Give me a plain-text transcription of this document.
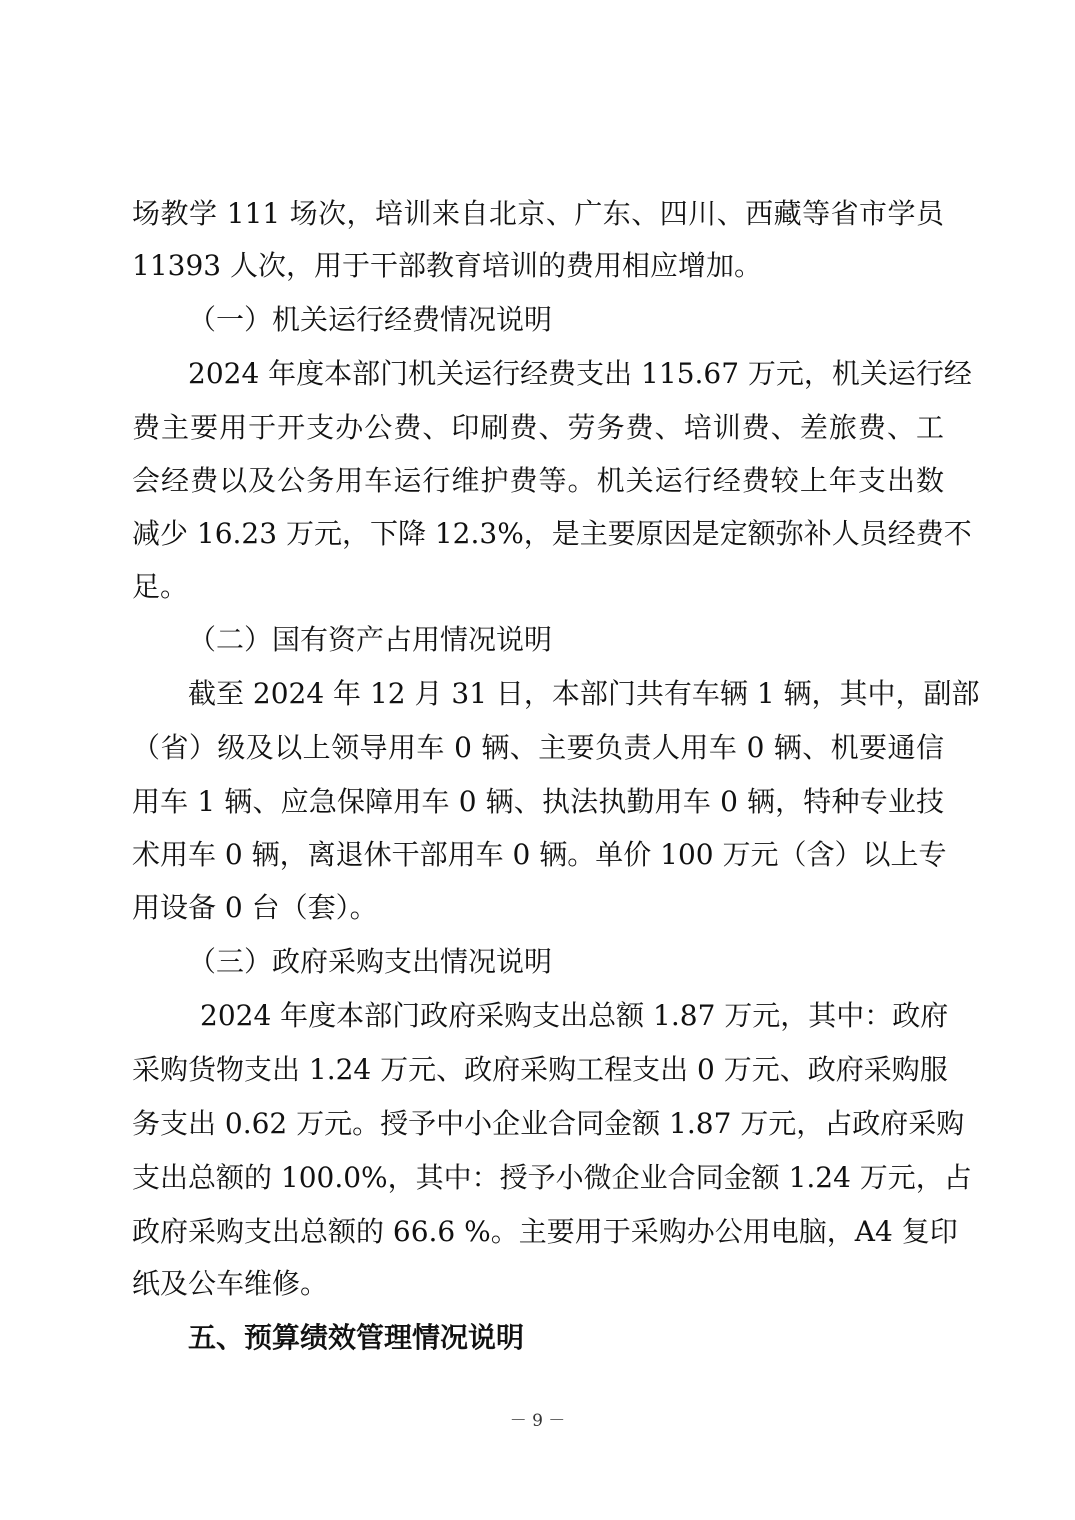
场教学 111 场次，培训来自北京、广东、四川、西藏等省市学员
11393 人次，用于干部教育培训的费用相应增加。
（一）机关运行经费情况说明
2024 年度本部门机关运行经费支出 115.67 万元，机关运行经
费主要用于开支办公费、印刷费、劳务费、培训费、差旅费、工
会经费以及公务用车运行维护费等。机关运行经费较上年支出数
减少 16.23 万元，下降 12.3%，是主要原因是定额弥补人员经费不
足。
（二）国有资产占用情况说明
截至 2024 年 12 月 31 日，本部门共有车辆 1 辆，其中，副部
（省）级及以上领导用车 0 辆、主要负责人用车 0 辆、机要通信
用车 1 辆、应急保障用车 0 辆、执法执勤用车 0 辆，特种专业技
术用车 0 辆，离退休干部用车 0 辆。单价 100 万元（含）以上专
用设备 0 台（套）。
（三）政府采购支出情况说明
2024 年度本部门政府采购支出总额 1.87 万元，其中：政府
采购货物支出 1.24 万元、政府采购工程支出 0 万元、政府采购服
务支出 0.62 万元。授予中小企业合同金额 1.87 万元，占政府采购
支出总额的 100.0%，其中：授予小微企业合同金额 1.24 万元，占
政府采购支出总额的 66.6 %。主要用于采购办公用电脑，A4 复印
纸及公车维修。
五、预算绩效管理情况说明
－ 9 －
